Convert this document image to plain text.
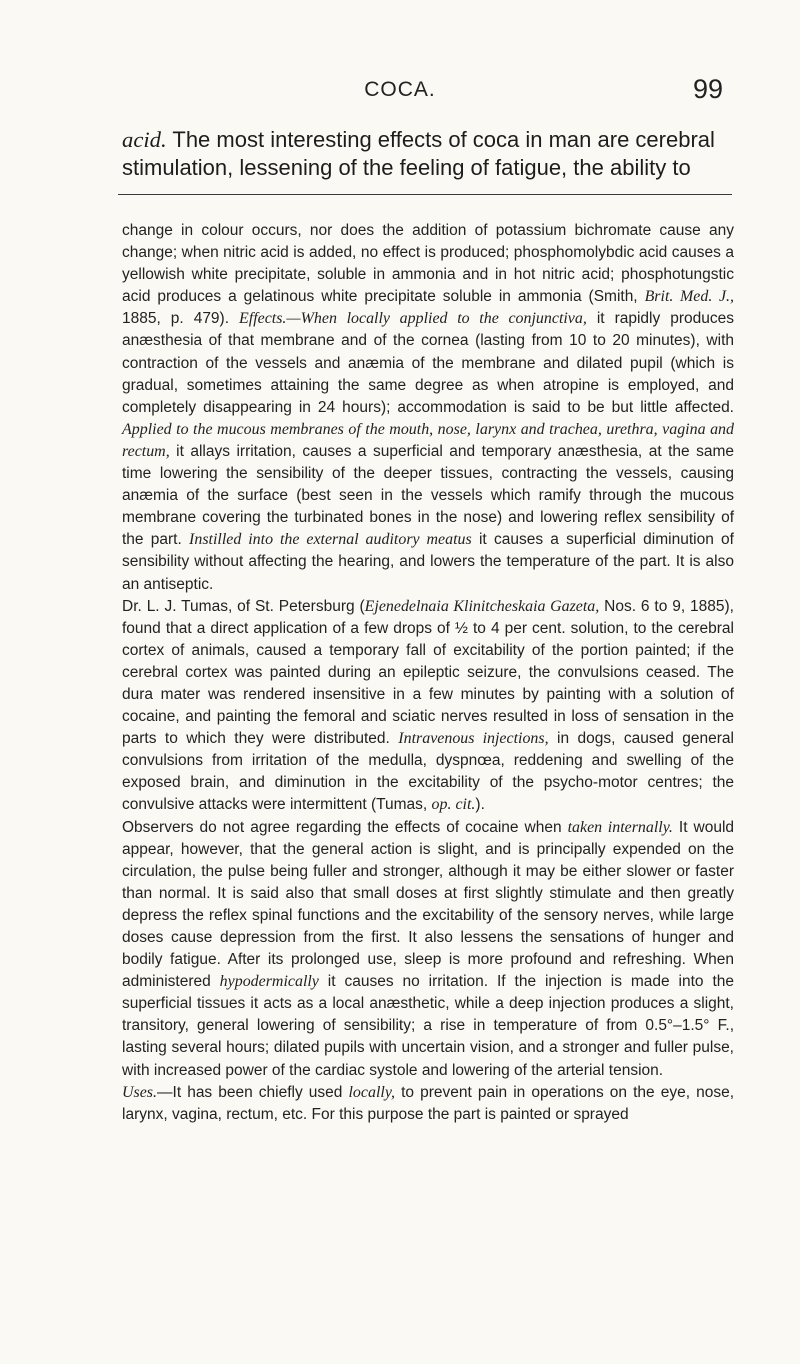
COCA.	99

acid. The most interesting effects of coca in man are cerebral stimulation, lessening of the feeling of fatigue, the ability to

change in colour occurs, nor does the addition of potassium bichromate cause any change; when nitric acid is added, no effect is produced; phosphomolybdic acid causes a yellowish white precipitate, soluble in ammonia and in hot nitric acid; phosphotungstic acid produces a gelatinous white precipitate soluble in ammonia (Smith, Brit. Med. J., 1885, p. 479). Effects.—When locally applied to the conjunctiva, it rapidly produces anæsthesia of that membrane and of the cornea (lasting from 10 to 20 minutes), with contraction of the vessels and anæmia of the membrane and dilated pupil (which is gradual, sometimes attaining the same degree as when atropine is employed, and completely disappearing in 24 hours); accommodation is said to be but little affected. Applied to the mucous membranes of the mouth, nose, larynx and trachea, urethra, vagina and rectum, it allays irritation, causes a superficial and temporary anæsthesia, at the same time lowering the sensibility of the deeper tissues, contracting the vessels, causing anæmia of the surface (best seen in the vessels which ramify through the mucous membrane covering the turbinated bones in the nose) and lowering reflex sensibility of the part. Instilled into the external auditory meatus it causes a superficial diminution of sensibility without affecting the hearing, and lowers the temperature of the part. It is also an antiseptic.

Dr. L. J. Tumas, of St. Petersburg (Ejenedelnaia Klinitcheskaia Gazeta, Nos. 6 to 9, 1885), found that a direct application of a few drops of ½ to 4 per cent. solution, to the cerebral cortex of animals, caused a temporary fall of excitability of the portion painted; if the cerebral cortex was painted during an epileptic seizure, the convulsions ceased. The dura mater was rendered insensitive in a few minutes by painting with a solution of cocaine, and painting the femoral and sciatic nerves resulted in loss of sensation in the parts to which they were distributed. Intravenous injections, in dogs, caused general convulsions from irritation of the medulla, dyspnœa, reddening and swelling of the exposed brain, and diminution in the excitability of the psycho-motor centres; the convulsive attacks were intermittent (Tumas, op. cit.).

Observers do not agree regarding the effects of cocaine when taken internally. It would appear, however, that the general action is slight, and is principally expended on the circulation, the pulse being fuller and stronger, although it may be either slower or faster than normal. It is said also that small doses at first slightly stimulate and then greatly depress the reflex spinal functions and the excitability of the sensory nerves, while large doses cause depression from the first. It also lessens the sensations of hunger and bodily fatigue. After its prolonged use, sleep is more profound and refreshing. When administered hypodermically it causes no irritation. If the injection is made into the superficial tissues it acts as a local anæsthetic, while a deep injection produces a slight, transitory, general lowering of sensibility; a rise in temperature of from 0.5°–1.5° F., lasting several hours; dilated pupils with uncertain vision, and a stronger and fuller pulse, with increased power of the cardiac systole and lowering of the arterial tension.

Uses.—It has been chiefly used locally, to prevent pain in operations on the eye, nose, larynx, vagina, rectum, etc. For this purpose the part is painted or sprayed
